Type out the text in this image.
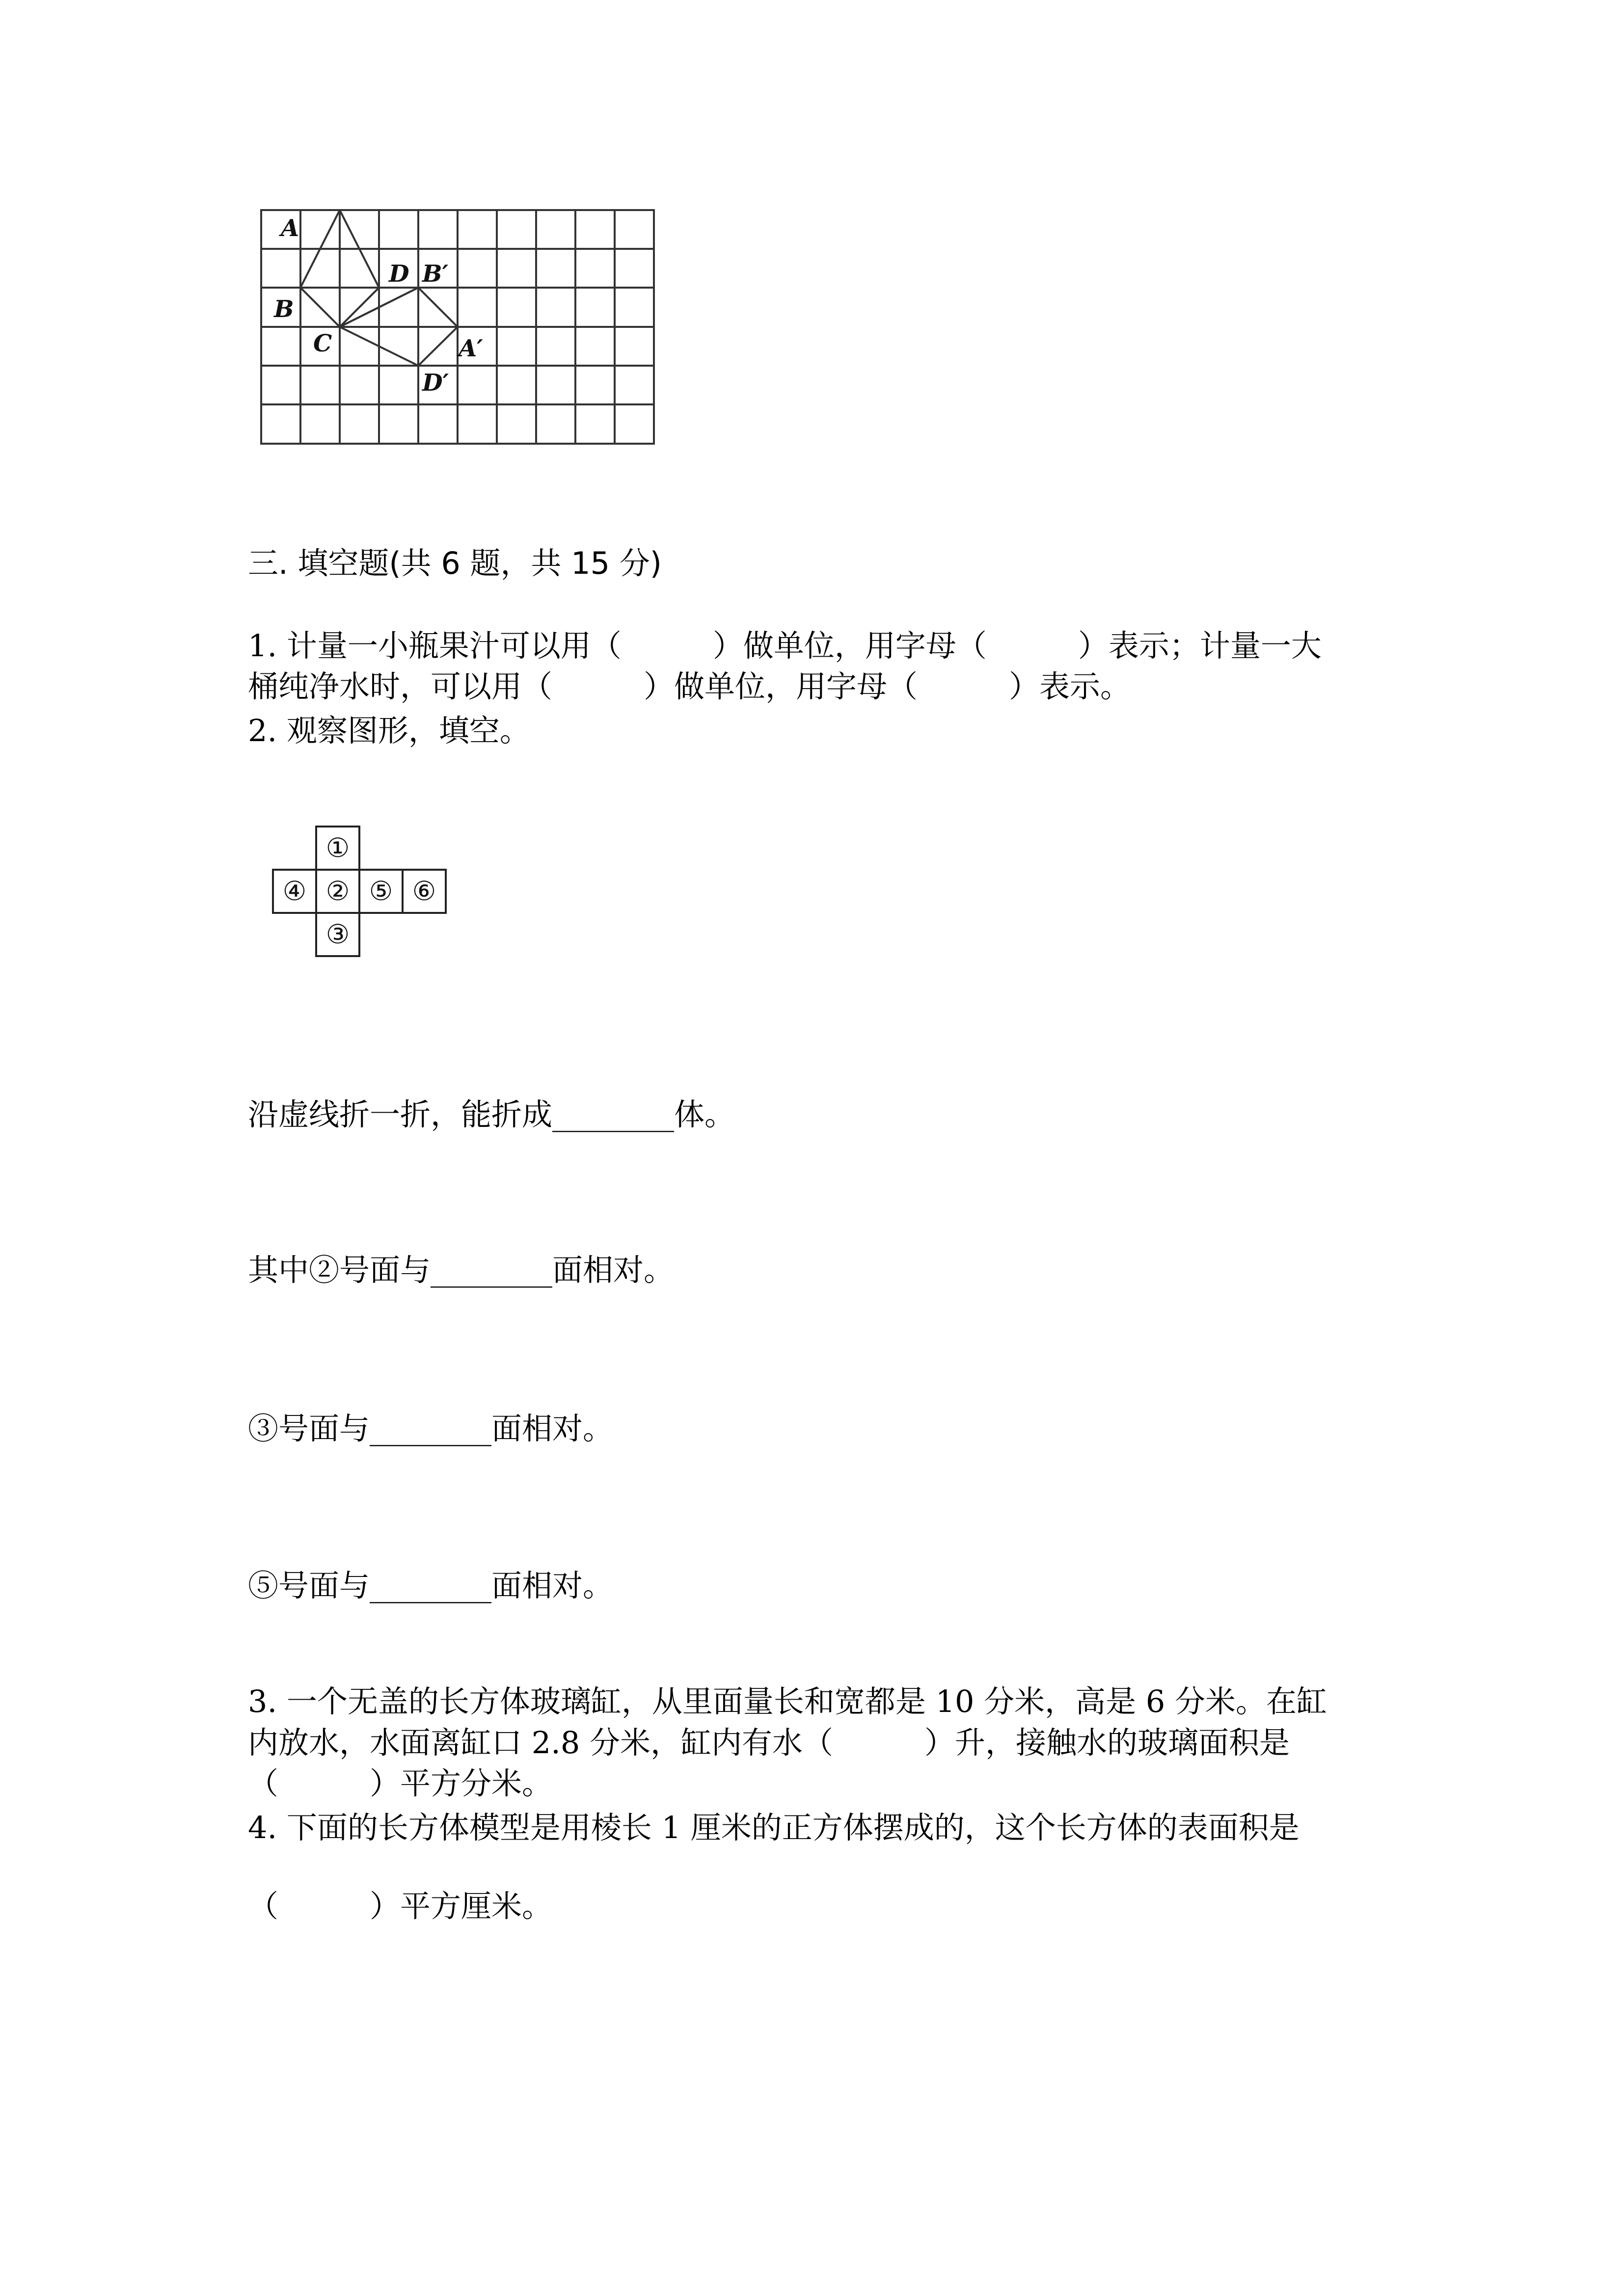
A
B
C
D B′
A′
D′
三. 填空题(共 6 题，共 15 分)
1. 计量一小瓶果汁可以用（　　　）做单位，用字母（　　　）表示；计量一大
桶纯净水时，可以用（　　　）做单位，用字母（　　　）表示。
2. 观察图形，填空。
①
④ ② ⑤ ⑥
③
沿虚线折一折，能折成________体。
其中②号面与________面相对。
③号面与________面相对。
⑤号面与________面相对。
3. 一个无盖的长方体玻璃缸，从里面量长和宽都是 10 分米，高是 6 分米。在缸
内放水，水面离缸口 2.8 分米，缸内有水（　　　）升，接触水的玻璃面积是
（　　　）平方分米。
4. 下面的长方体模型是用棱长 1 厘米的正方体摆成的，这个长方体的表面积是
（　　　）平方厘米。
